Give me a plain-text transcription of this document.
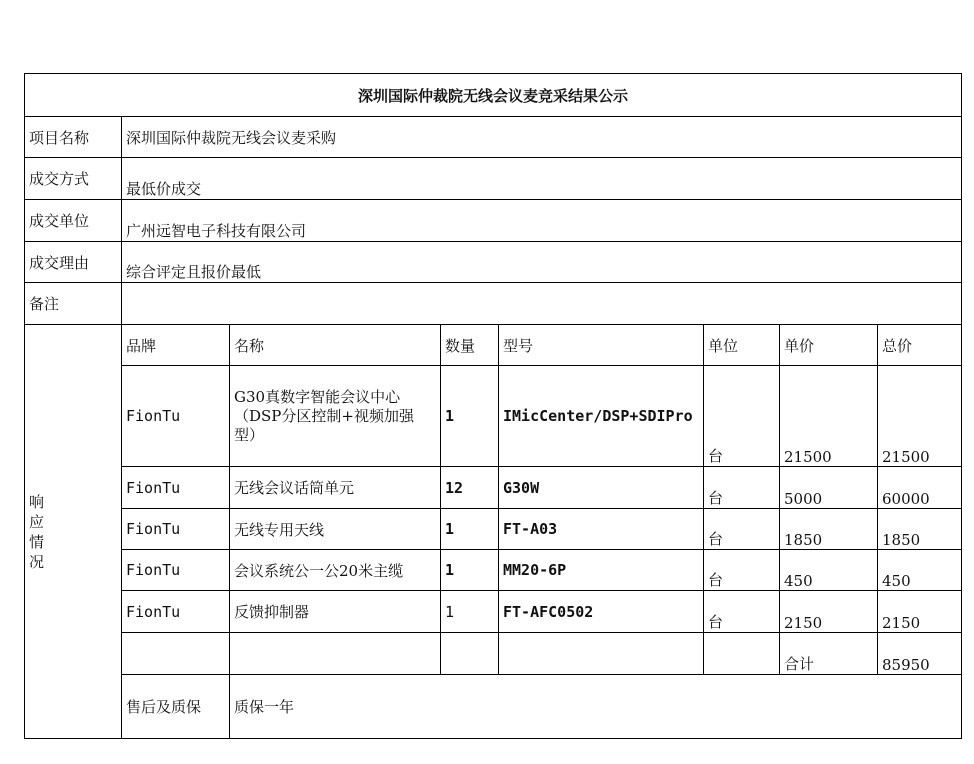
深圳国际仲裁院无线会议麦竞采结果公示							
项目名称	深圳国际仲裁院无线会议麦采购						
成交方式	最低价成交						
成交单位	广州远智电子科技有限公司						
成交理由	综合评定且报价最低						
备注							
响
应
情
况	品牌	名称	数量	型号	单位	单价	总价
	FionTu	G30真数字智能会议中心（DSP分区控制+视频加强型）	1	IMicCenter/DSP+SDIPro	台	21500	21500
	FionTu	无线会议话筒单元	12	G30W	台	5000	60000
	FionTu	无线专用天线	1	FT-A03	台	1850	1850
	FionTu	会议系统公一公20米主缆	1	MM20-6P	台	450	450
	FionTu	反馈抑制器	1	FT-AFC0502	台	2150	2150
						合计	85950
	售后及质保	质保一年					
